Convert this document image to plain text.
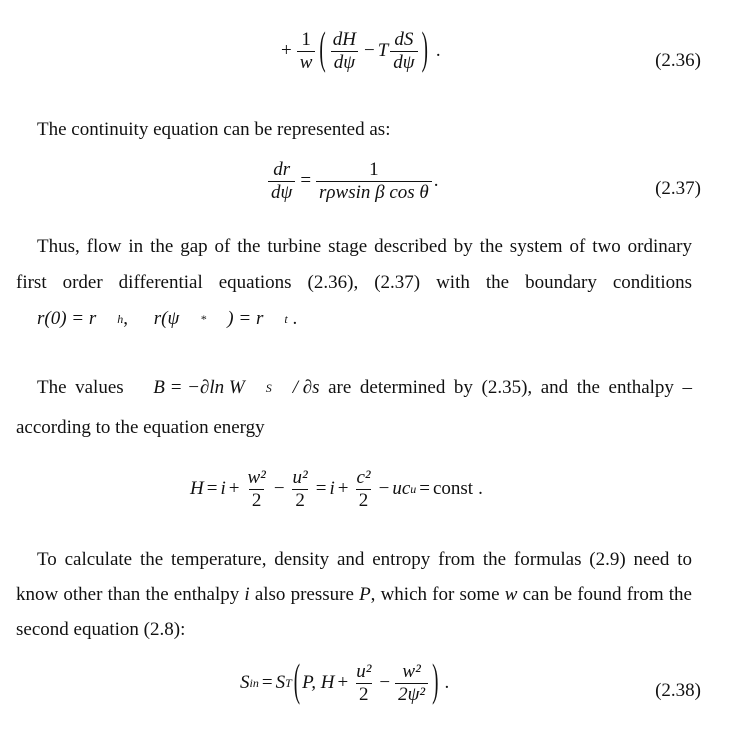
+ $\frac{1}{w}$ ( $\frac{dH}{d\psi} - T \frac{dS}{d\psi}$ ) .	(2.36)
The continuity equation can be represented as:
$\frac{dr}{d\psi} = \frac{1}{\text{rρwsin β cos θ}}$ .	(2.37)
Thus, flow in the gap of the turbine stage described by the system of two ordinary first order differential equations (2.36), (2.37) with the boundary conditions
r(0) = r	h ,	r(ψ	*	) = r	t .
The values	B = −∂ln W	S	/ ∂s are determined by (2.35), and the enthalpy – according to the equation energy
$H = i + \frac{\text{w²}}{2} - \frac{\text{u²}}{2} = i + \frac{\text{c²}}{2}$ − uc u = const .
To calculate the temperature, density and entropy from the formulas (2.9) need to know other than the enthalpy i also pressure P, which for some w can be found from the second equation (2.8):
S in = S T ( P, $H + \frac{\text{u²}}{2} - \frac{\text{w²}}{\text{2ψ²}}$ ) .	(2.38)
